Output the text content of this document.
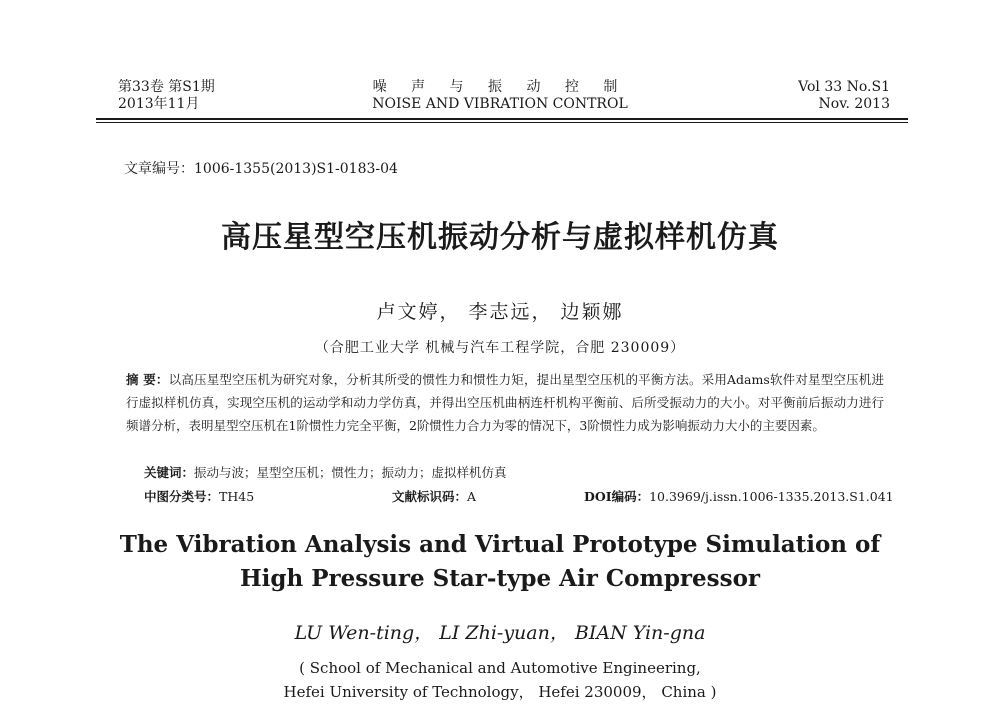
第33卷 第S1期
2013年11月
噪 声 与 振 动 控 制
NOISE AND VIBRATION CONTROL
Vol 33 No.S1
Nov. 2013
文章编号：1006-1355(2013)S1-0183-04
高压星型空压机振动分析与虚拟样机仿真
卢文婷， 李志远， 边颖娜
（合肥工业大学 机械与汽车工程学院，合肥 230009）
摘 要：以高压星型空压机为研究对象，分析其所受的惯性力和惯性力矩，提出星型空压机的平衡方法。采用Adams软件对星型空压机进行虚拟样机仿真，实现空压机的运动学和动力学仿真，并得出空压机曲柄连杆机构平衡前、后所受振动力的大小。对平衡前后振动力进行频谱分析，表明星型空压机在1阶惯性力完全平衡，2阶惯性力合力为零的情况下，3阶惯性力成为影响振动力大小的主要因素。
关键词：振动与波；星型空压机；惯性力；振动力；虚拟样机仿真
中图分类号：TH45	文献标识码：A	DOI编码：10.3969/j.issn.1006-1335.2013.S1.041
The Vibration Analysis and Virtual Prototype Simulation of
High Pressure Star-type Air Compressor
LU Wen-ting， LI Zhi-yuan， BIAN Yin-gna
( School of Mechanical and Automotive Engineering,
Hefei University of Technology， Hefei 230009， China )
